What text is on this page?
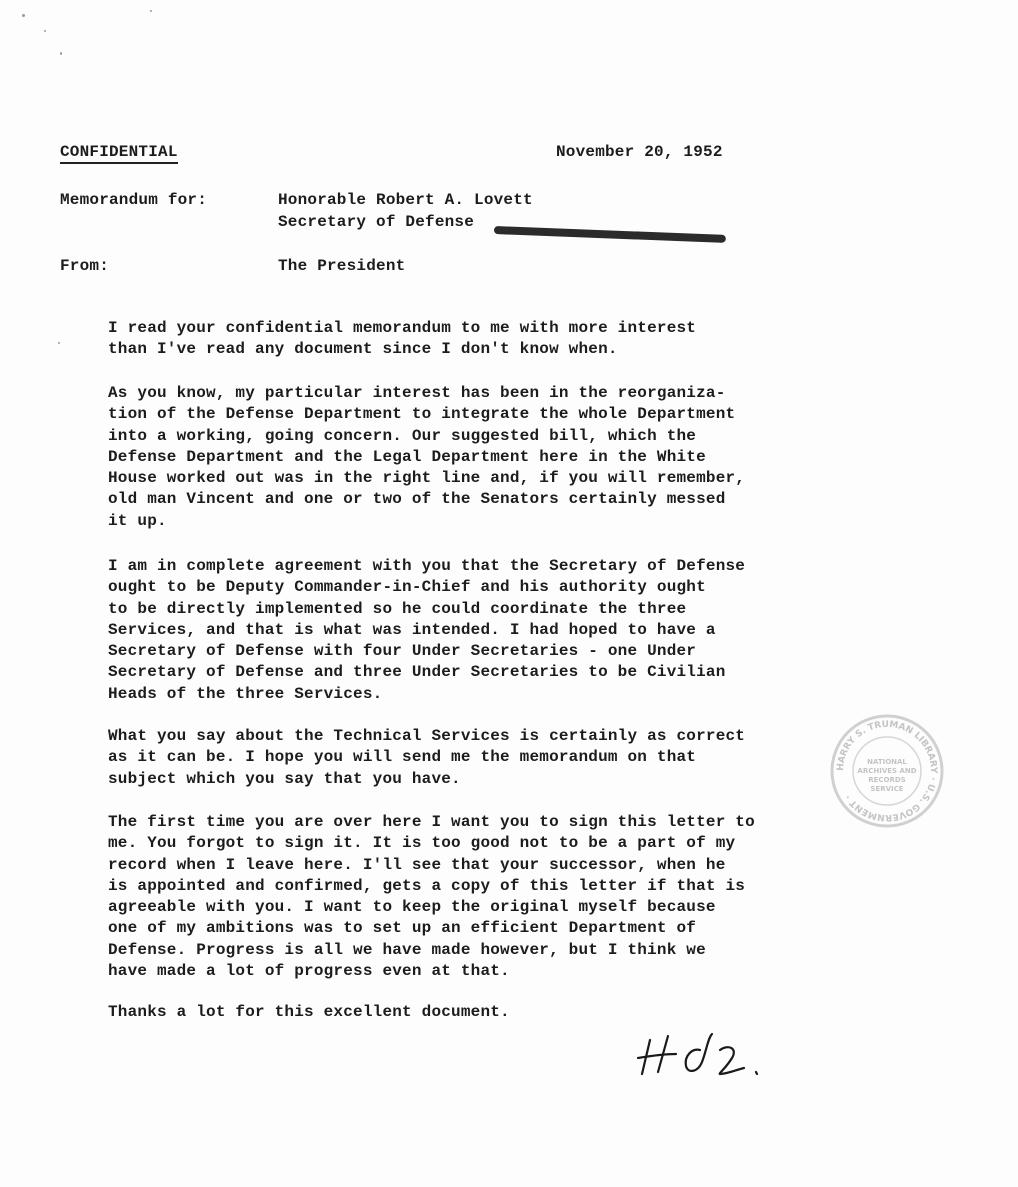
CONFIDENTIAL	November 20, 1952
Memorandum for:	Honorable Robert A. Lovett
Secretary of Defense
From:	The President

I read your confidential memorandum to me with more interest
than I've read any document since I don't know when.

As you know, my particular interest has been in the reorganiza-
tion of the Defense Department to integrate the whole Department
into a working, going concern. Our suggested bill, which the
Defense Department and the Legal Department here in the White
House worked out was in the right line and, if you will remember,
old man Vincent and one or two of the Senators certainly messed
it up.

I am in complete agreement with you that the Secretary of Defense
ought to be Deputy Commander-in-Chief and his authority ought
to be directly implemented so he could coordinate the three
Services, and that is what was intended. I had hoped to have a
Secretary of Defense with four Under Secretaries - one Under
Secretary of Defense and three Under Secretaries to be Civilian
Heads of the three Services.

What you say about the Technical Services is certainly as correct
as it can be. I hope you will send me the memorandum on that
subject which you say that you have.

The first time you are over here I want you to sign this letter to
me. You forgot to sign it. It is too good not to be a part of my
record when I leave here. I'll see that your successor, when he
is appointed and confirmed, gets a copy of this letter if that is
agreeable with you. I want to keep the original myself because
one of my ambitions was to set up an efficient Department of
Defense. Progress is all we have made however, but I think we
have made a lot of progress even at that.

Thanks a lot for this excellent document.

HARRY S. TRUMAN LIBRARY · U.S. GOVERNMENT ·
NATIONAL
ARCHIVES AND
RECORDS
SERVICE
